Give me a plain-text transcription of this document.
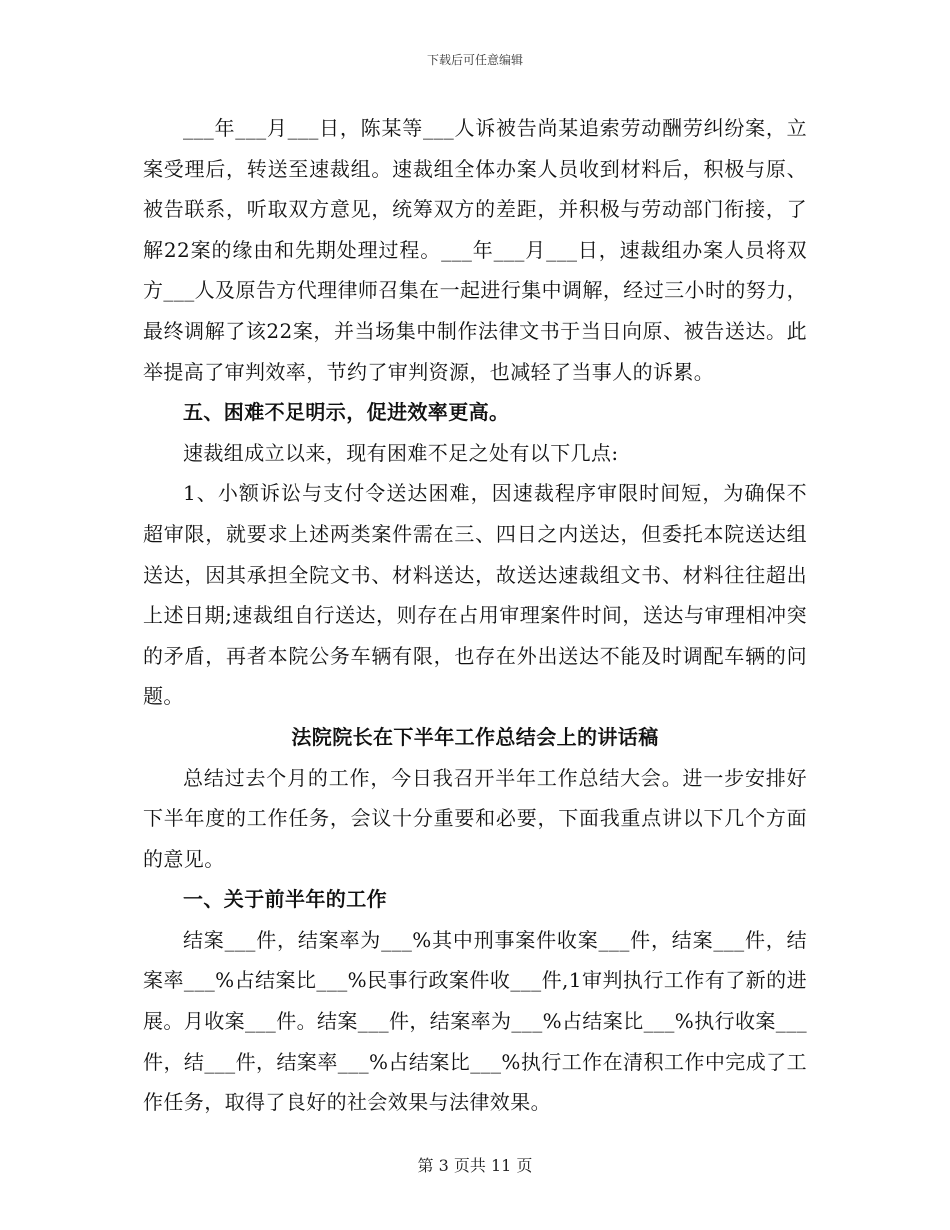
下载后可任意编辑

___年___月___日，陈某等___人诉被告尚某追索劳动酬劳纠纷案，立案受理后，转送至速裁组。速裁组全体办案人员收到材料后，积极与原、被告联系，听取双方意见，统筹双方的差距，并积极与劳动部门衔接，了解22案的缘由和先期处理过程。___年___月___日，速裁组办案人员将双方___人及原告方代理律师召集在一起进行集中调解，经过三小时的努力，最终调解了该22案，并当场集中制作法律文书于当日向原、被告送达。此举提高了审判效率，节约了审判资源，也减轻了当事人的诉累。

五、困难不足明示，促进效率更高。

速裁组成立以来，现有困难不足之处有以下几点:

1、小额诉讼与支付令送达困难，因速裁程序审限时间短，为确保不超审限，就要求上述两类案件需在三、四日之内送达，但委托本院送达组送达，因其承担全院文书、材料送达，故送达速裁组文书、材料往往超出上述日期;速裁组自行送达，则存在占用审理案件时间，送达与审理相冲突的矛盾，再者本院公务车辆有限，也存在外出送达不能及时调配车辆的问题。

法院院长在下半年工作总结会上的讲话稿

总结过去个月的工作，今日我召开半年工作总结大会。进一步安排好下半年度的工作任务，会议十分重要和必要，下面我重点讲以下几个方面的意见。

一、关于前半年的工作

结案___件，结案率为___%其中刑事案件收案___件，结案___件，结案率___%占结案比___%民事行政案件收___件,1审判执行工作有了新的进展。月收案___件。结案___件，结案率为___%占结案比___%执行收案___件，结___件，结案率___%占结案比___%执行工作在清积工作中完成了工作任务，取得了良好的社会效果与法律效果。

第 3 页共 11 页
